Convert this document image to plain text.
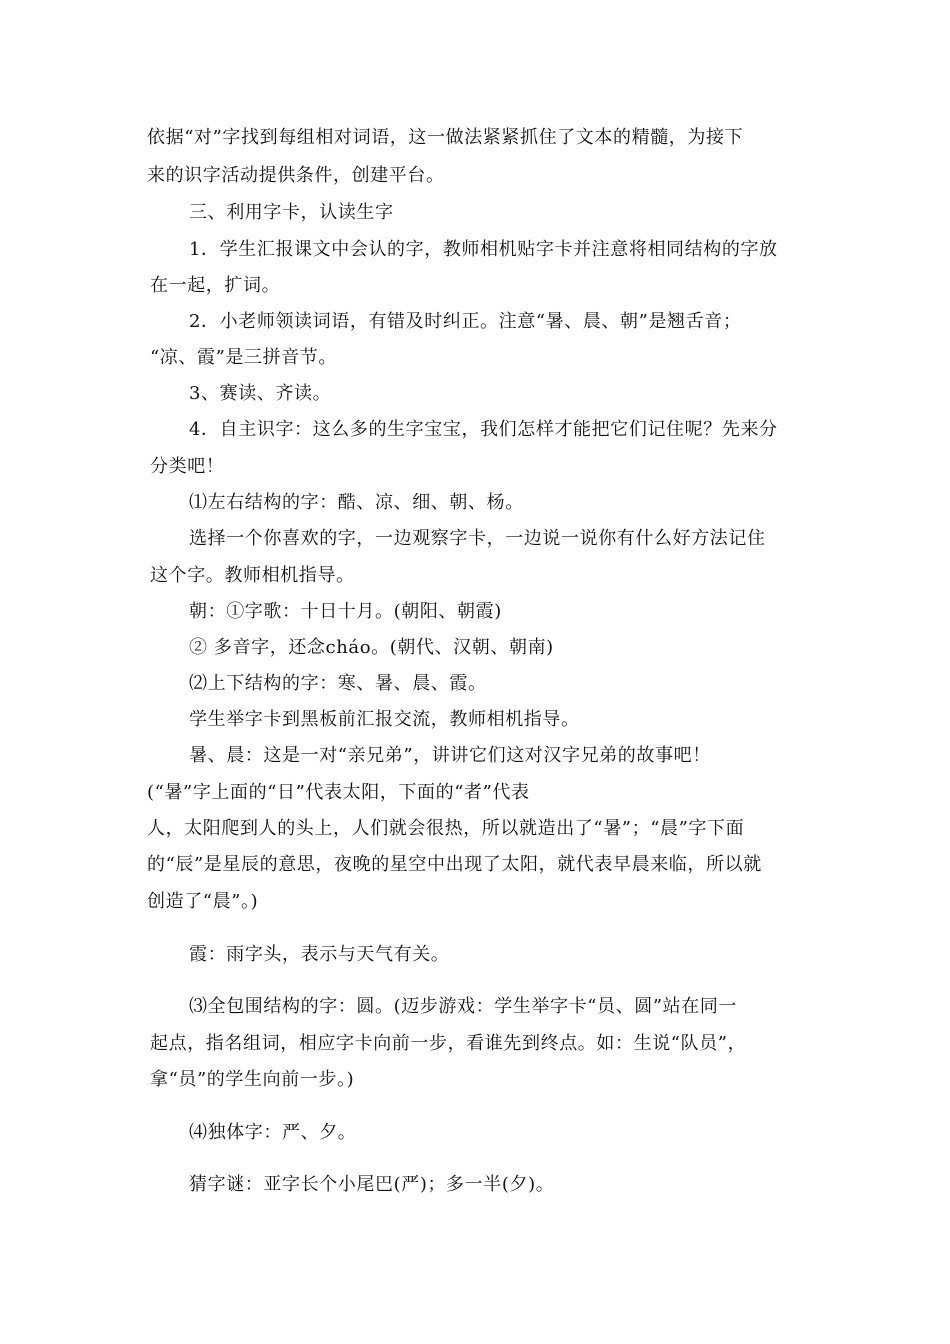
依据“对”字找到每组相对词语，这一做法紧紧抓住了文本的精髓，为接下
来的识字活动提供条件，创建平台。
三、利用字卡，认读生字
1．学生汇报课文中会认的字，教师相机贴字卡并注意将相同结构的字放
在一起，扩词。
2．小老师领读词语，有错及时纠正。注意“暑、晨、朝”是翘舌音；
“凉、霞”是三拼音节。
3、赛读、齐读。
4．自主识字：这么多的生字宝宝，我们怎样才能把它们记住呢？先来分
分类吧！
⑴左右结构的字：酷、凉、细、朝、杨。
选择一个你喜欢的字，一边观察字卡，一边说一说你有什么好方法记住
这个字。教师相机指导。
朝：①字歌：十日十月。(朝阳、朝霞)
② 多音字，还念cháo。(朝代、汉朝、朝南)
⑵上下结构的字：寒、暑、晨、霞。
学生举字卡到黑板前汇报交流，教师相机指导。
暑、晨：这是一对“亲兄弟”，讲讲它们这对汉字兄弟的故事吧！
(“暑”字上面的“日”代表太阳，下面的“者”代表
人，太阳爬到人的头上，人们就会很热，所以就造出了“暑”；“晨”字下面
的“辰”是星辰的意思，夜晚的星空中出现了太阳，就代表早晨来临，所以就
创造了“晨”。)
霞：雨字头，表示与天气有关。
⑶全包围结构的字：圆。(迈步游戏：学生举字卡“员、圆”站在同一
起点，指名组词，相应字卡向前一步，看谁先到终点。如：生说“队员”，
拿“员”的学生向前一步。)
⑷独体字：严、夕。
猜字谜：亚字长个小尾巴(严)；多一半(夕)。
